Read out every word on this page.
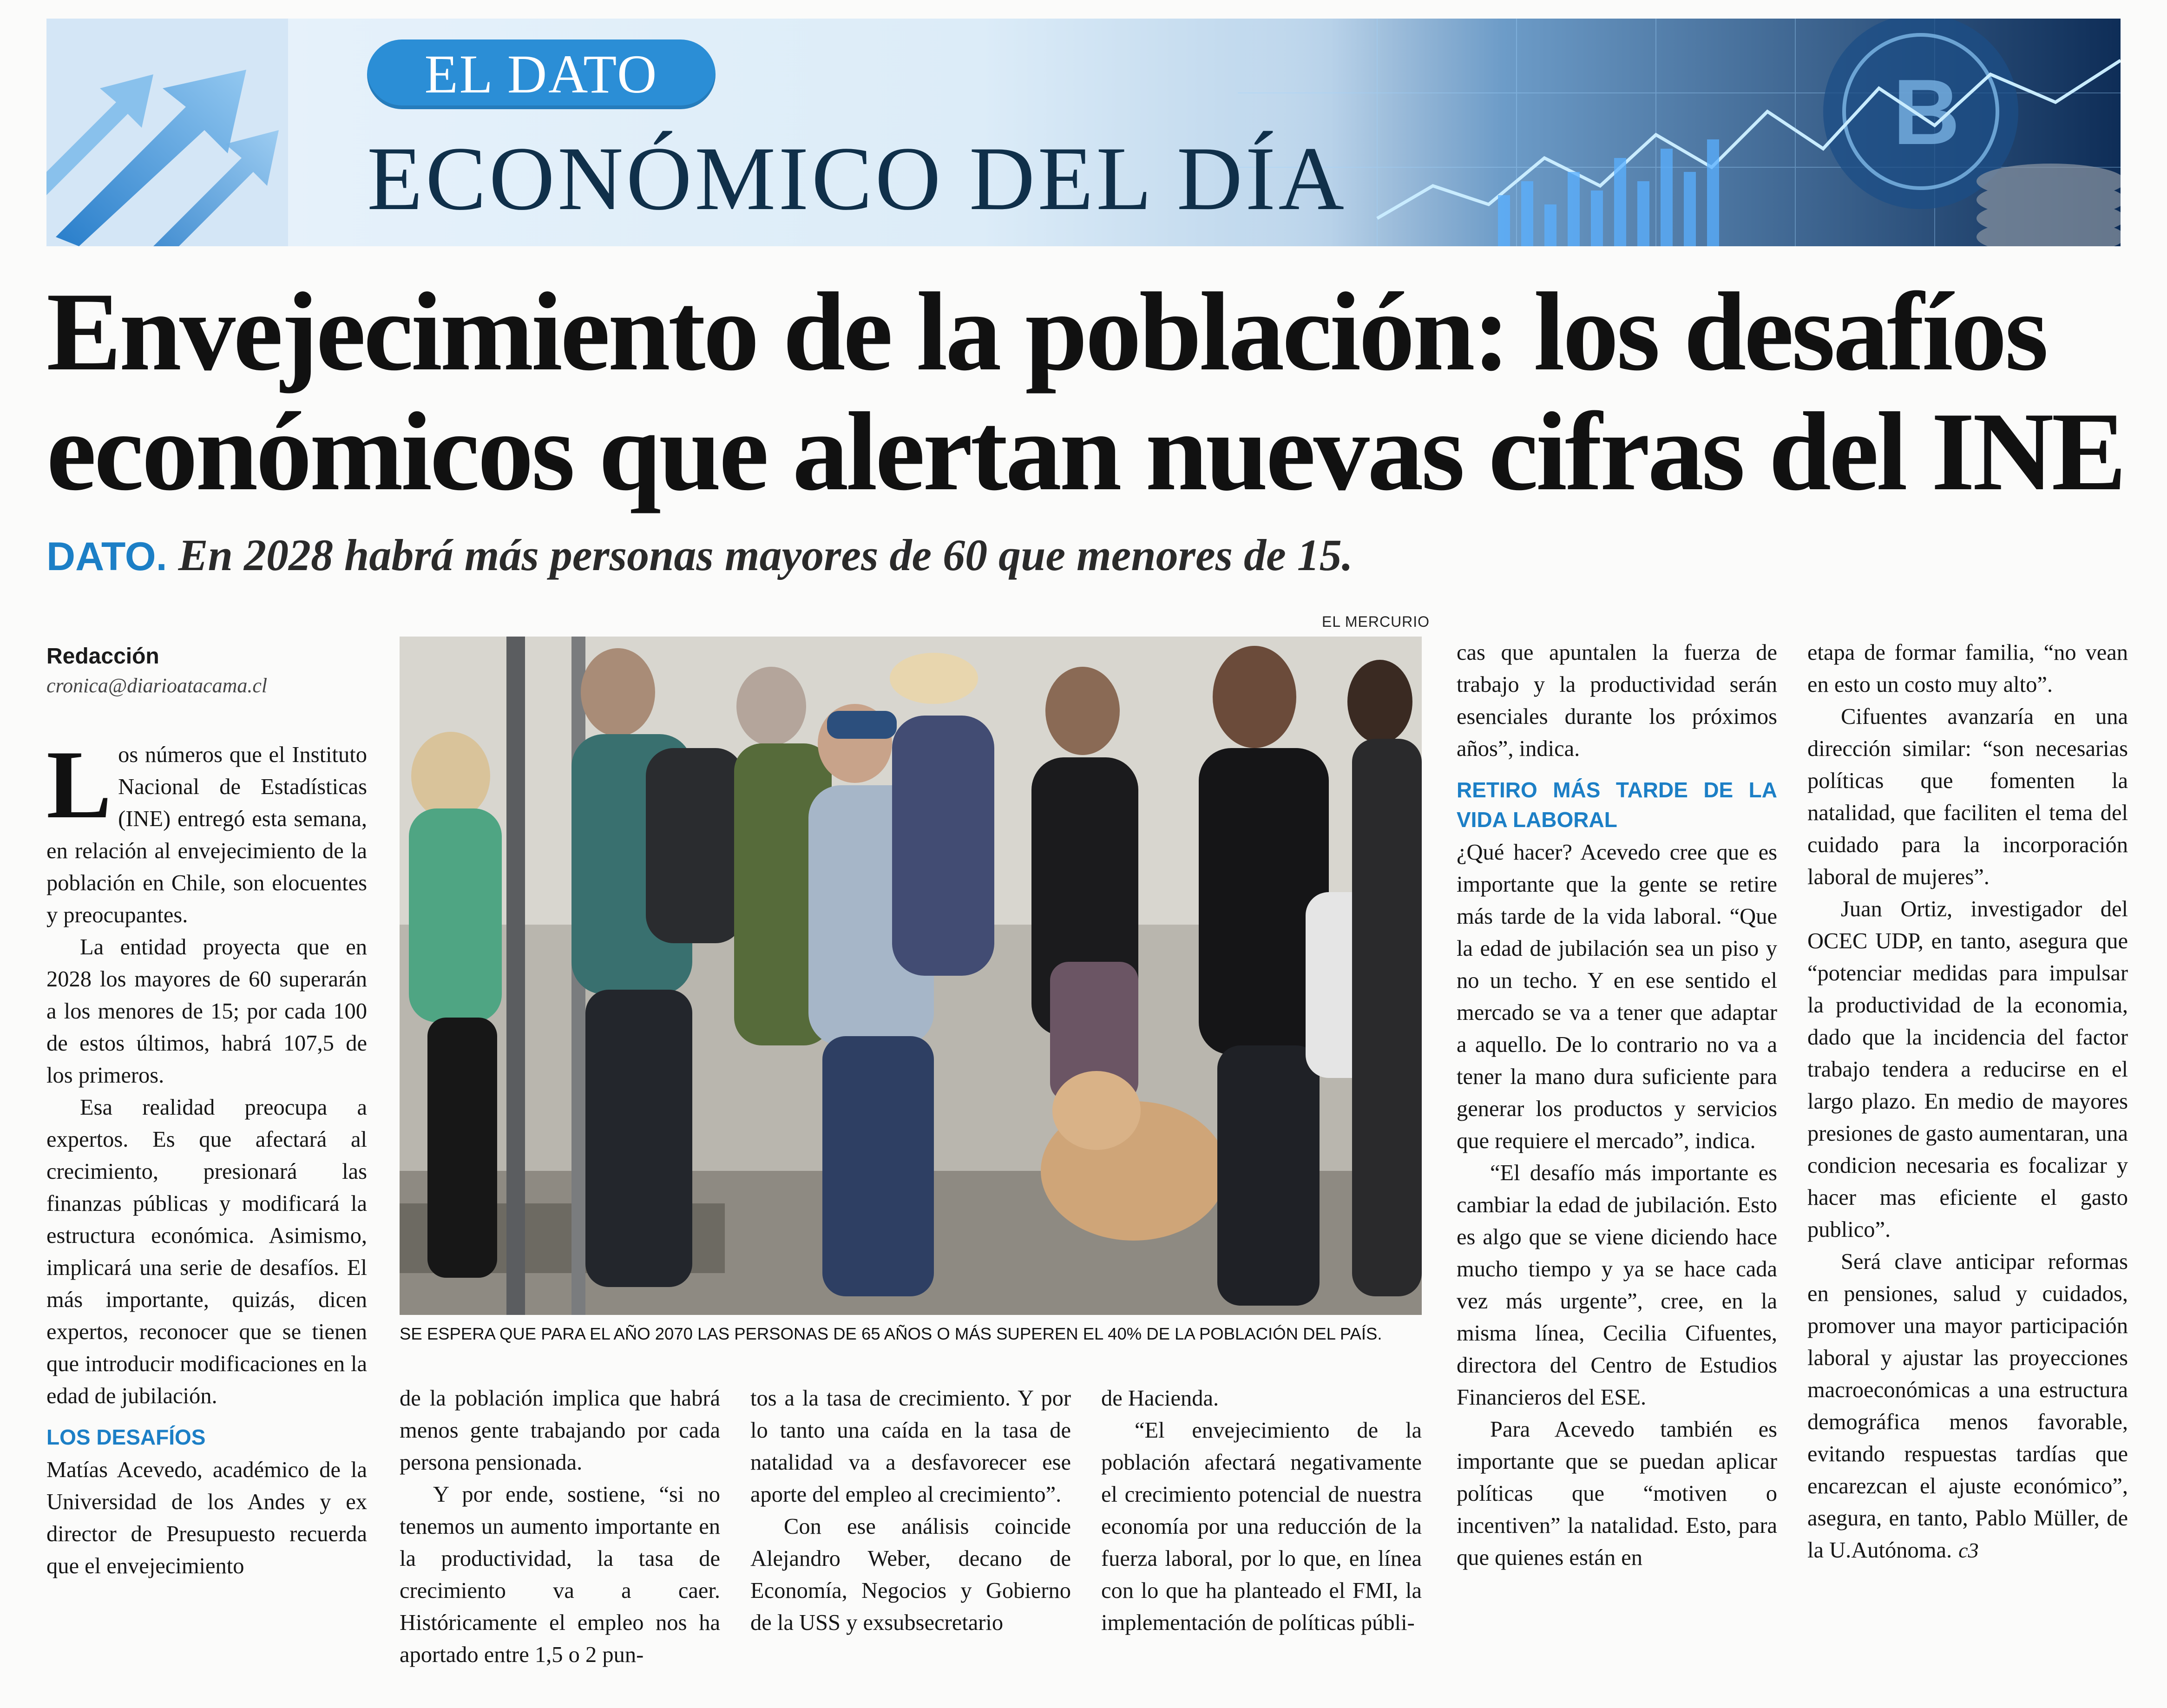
B
EL DATO
ECONÓMICO DEL DÍA
Envejecimiento de la población: los desafíos económicos que alertan nuevas cifras del INE
DATO. En 2028 habrá más personas mayores de 60 que menores de 15.
EL MERCURIO
SE ESPERA QUE PARA EL AÑO 2070 LAS PERSONAS DE 65 AÑOS O MÁS SUPEREN EL 40% DE LA POBLACIÓN DEL PAÍS.
Redacción
cronica@diarioatacama.cl

Los números que el Instituto Nacional de Estadísticas (INE) entregó esta semana, en relación al envejecimiento de la población en Chile, son elocuentes y preocupantes.

La entidad proyecta que en 2028 los mayores de 60 superarán a los menores de 15; por cada 100 de estos últimos, habrá 107,5 de los primeros.

Esa realidad preocupa a expertos. Es que afectará al crecimiento, presionará las finanzas públicas y modificará la estructura económica. Asimismo, implicará una serie de desafíos. El más importante, quizás, dicen expertos, reconocer que se tienen que introducir modificaciones en la edad de jubilación.

LOS DESAFÍOS

Matías Acevedo, académico de la Universidad de los Andes y ex director de Presupuesto recuerda que el envejecimiento

de la población implica que habrá menos gente trabajando por cada persona pensionada.

Y por ende, sostiene, “si no tenemos un aumento importante en la productividad, la tasa de crecimiento va a caer. Históricamente el empleo nos ha aportado entre 1,5 o 2 pun-

tos a la tasa de crecimiento. Y por lo tanto una caída en la tasa de natalidad va a desfavorecer ese aporte del empleo al crecimiento”.

Con ese análisis coincide Alejandro Weber, decano de Economía, Negocios y Gobierno de la USS y exsubsecretario

de Hacienda.

“El envejecimiento de la población afectará negativamente el crecimiento potencial de nuestra economía por una reducción de la fuerza laboral, por lo que, en línea con lo que ha planteado el FMI, la implementación de políticas públi-

cas que apuntalen la fuerza de trabajo y la productividad serán esenciales durante los próximos años”, indica.

RETIRO MÁS TARDE DE LA VIDA LABORAL

¿Qué hacer? Acevedo cree que es importante que la gente se retire más tarde de la vida laboral. “Que la edad de jubilación sea un piso y no un techo. Y en ese sentido el mercado se va a tener que adaptar a aquello. De lo contrario no va a tener la mano dura suficiente para generar los productos y servicios que requiere el mercado”, indica.

“El desafío más importante es cambiar la edad de jubilación. Esto es algo que se viene diciendo hace mucho tiempo y ya se hace cada vez más urgente”, cree, en la misma línea, Cecilia Cifuentes, directora del Centro de Estudios Financieros del ESE.

Para Acevedo también es importante que se puedan aplicar políticas que “motiven o incentiven” la natalidad. Esto, para que quienes están en

etapa de formar familia, “no vean en esto un costo muy alto”.

Cifuentes avanzaría en una dirección similar: “son necesarias políticas que fomenten la natalidad, que faciliten el tema del cuidado para la incorporación laboral de mujeres”.

Juan Ortiz, investigador del OCEC UDP, en tanto, asegura que “potenciar medidas para impulsar la productividad de la economia, dado que la incidencia del factor trabajo tendera a reducirse en el largo plazo. En medio de mayores presiones de gasto aumentaran, una condicion necesaria es focalizar y hacer mas eficiente el gasto publico”.

Será clave anticipar reformas en pensiones, salud y cuidados, promover una mayor participación laboral y ajustar las proyecciones macroeconómicas a una estructura demográfica menos favorable, evitando respuestas tardías que encarezcan el ajuste económico”, asegura, en tanto, Pablo Müller, de la U.Autónoma. c3
